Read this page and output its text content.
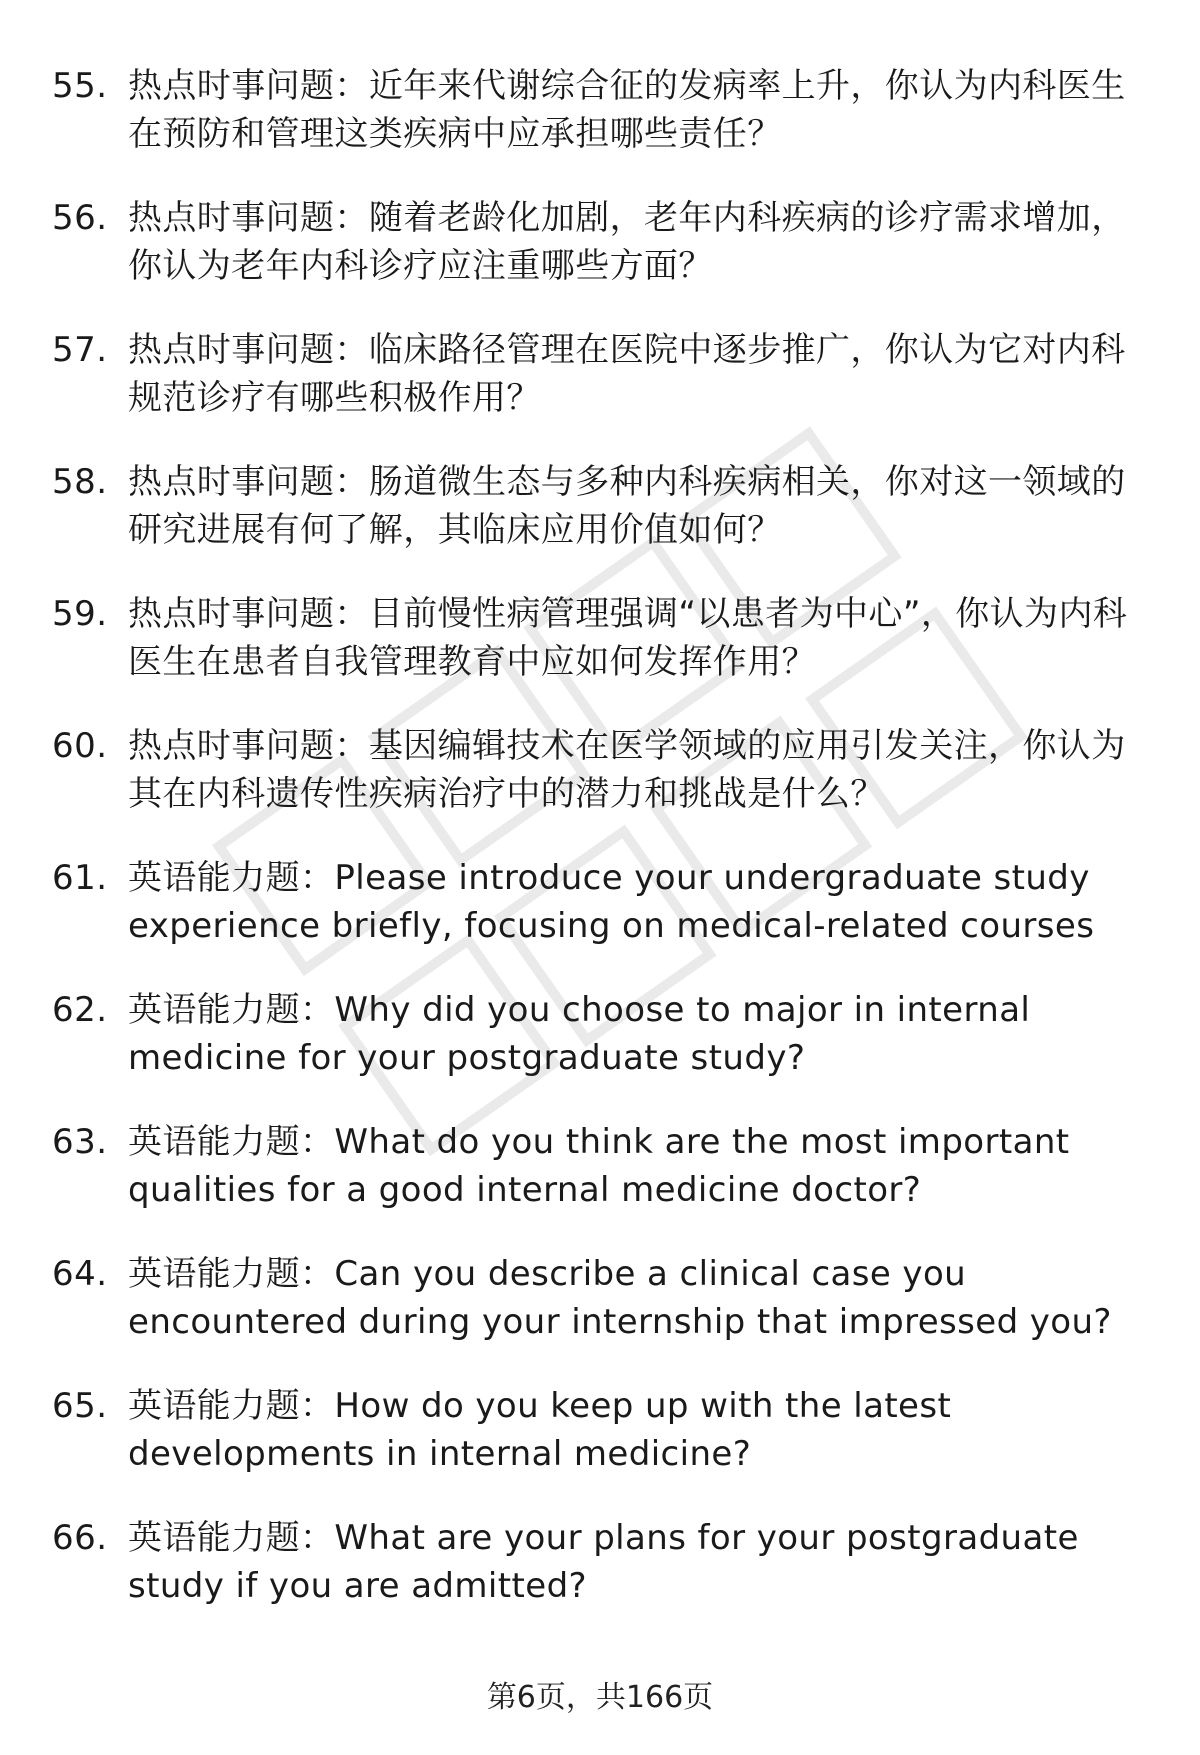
55. 热点时事问题：近年来代谢综合征的发病率上升，你认为内科医生在预防和管理这类疾病中应承担哪些责任？
56. 热点时事问题：随着老龄化加剧，老年内科疾病的诊疗需求增加，你认为老年内科诊疗应注重哪些方面？
57. 热点时事问题：临床路径管理在医院中逐步推广，你认为它对内科规范诊疗有哪些积极作用？
58. 热点时事问题：肠道微生态与多种内科疾病相关，你对这一领域的研究进展有何了解，其临床应用价值如何？
59. 热点时事问题：目前慢性病管理强调“以患者为中心”，你认为内科医生在患者自我管理教育中应如何发挥作用？
60. 热点时事问题：基因编辑技术在医学领域的应用引发关注，你认为其在内科遗传性疾病治疗中的潜力和挑战是什么？
61. 英语能力题：Please introduce your undergraduate study experience briefly, focusing on medical-related courses
62. 英语能力题：Why did you choose to major in internal medicine for your postgraduate study?
63. 英语能力题：What do you think are the most important qualities for a good internal medicine doctor?
64. 英语能力题：Can you describe a clinical case you encountered during your internship that impressed you?
65. 英语能力题：How do you keep up with the latest developments in internal medicine?
66. 英语能力题：What are your plans for your postgraduate study if you are admitted?
第6页，共166页
